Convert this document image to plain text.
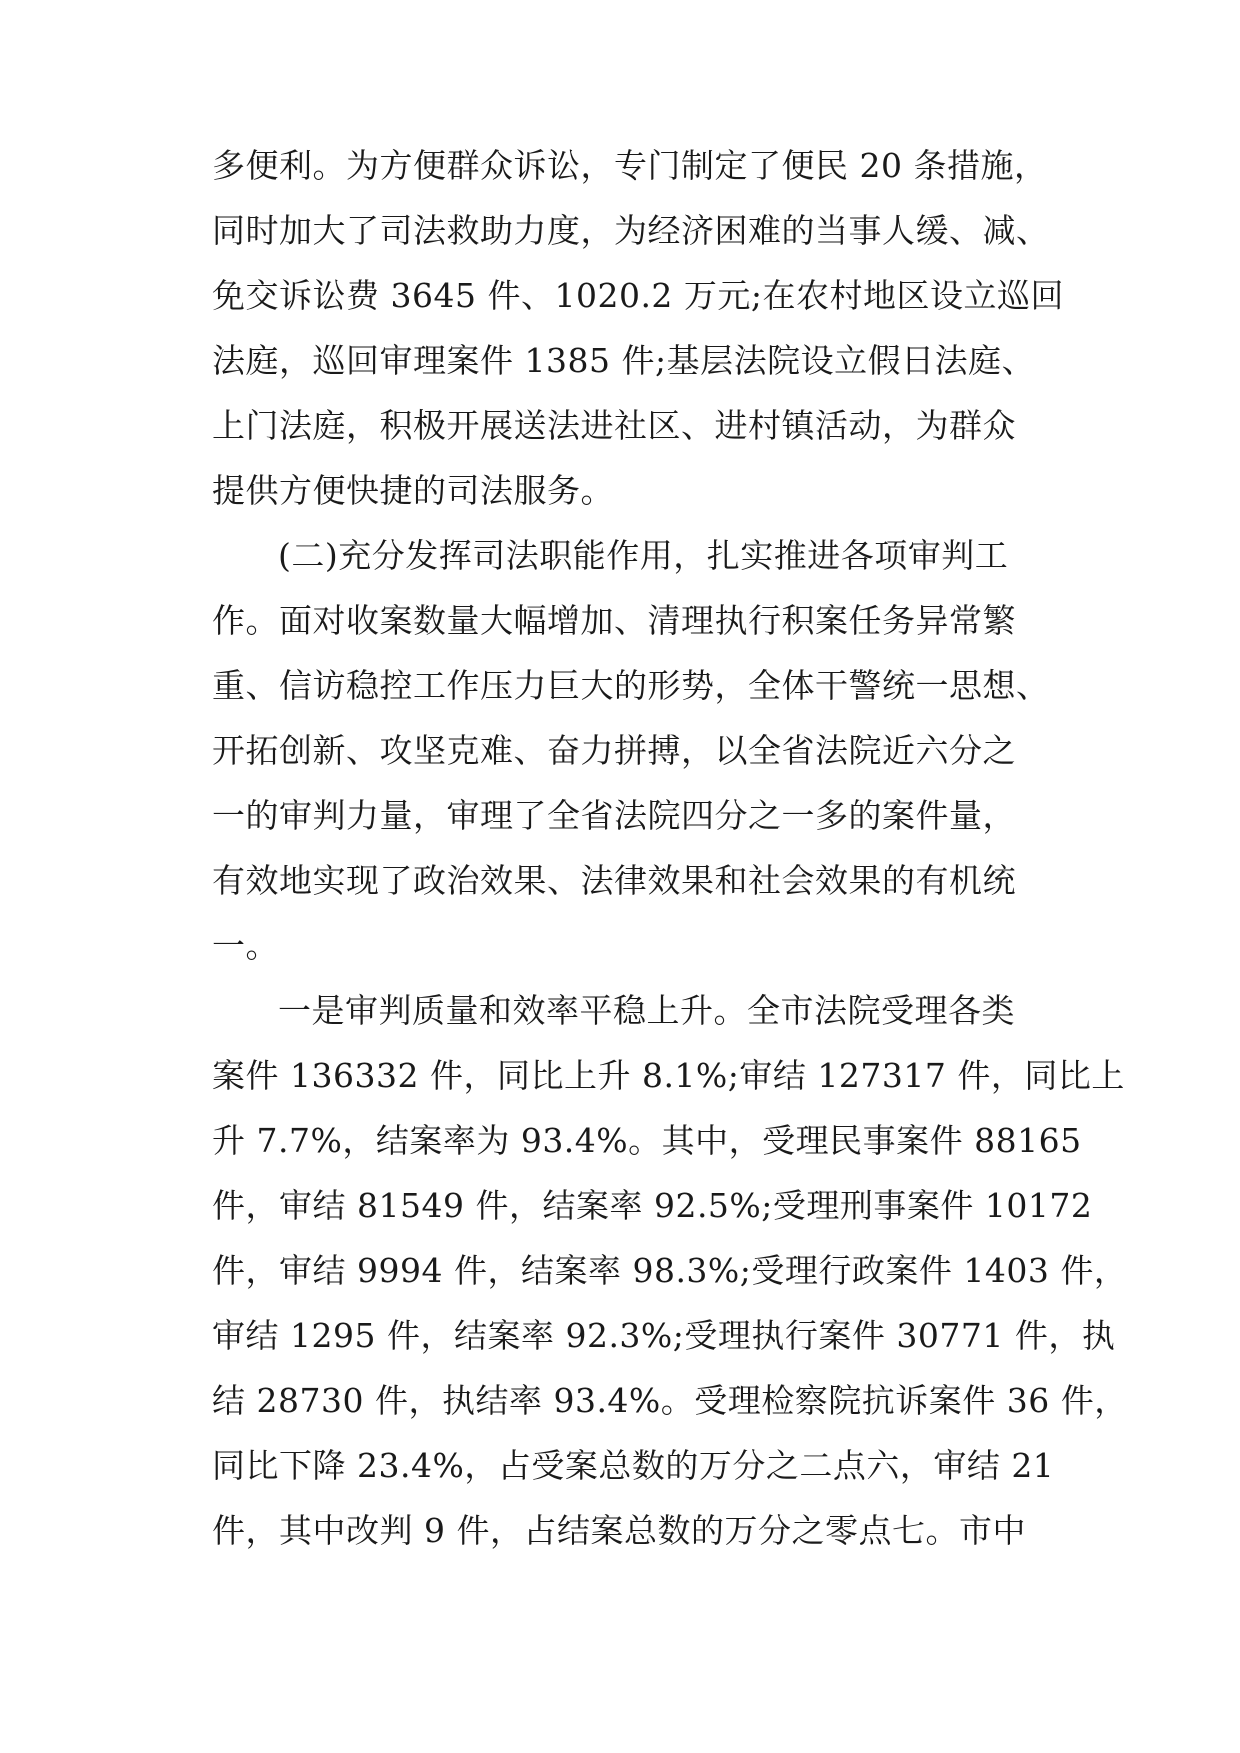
多便利。为方便群众诉讼，专门制定了便民 20 条措施，

同时加大了司法救助力度，为经济困难的当事人缓、减、

免交诉讼费 3645 件、1020.2 万元;在农村地区设立巡回

法庭，巡回审理案件 1385 件;基层法院设立假日法庭、

上门法庭，积极开展送法进社区、进村镇活动，为群众

提供方便快捷的司法服务。

(二)充分发挥司法职能作用，扎实推进各项审判工

作。面对收案数量大幅增加、清理执行积案任务异常繁

重、信访稳控工作压力巨大的形势，全体干警统一思想、

开拓创新、攻坚克难、奋力拼搏，以全省法院近六分之

一的审判力量，审理了全省法院四分之一多的案件量，

有效地实现了政治效果、法律效果和社会效果的有机统

一。

一是审判质量和效率平稳上升。全市法院受理各类

案件 136332 件，同比上升 8.1%;审结 127317 件，同比上

升 7.7%，结案率为 93.4%。其中，受理民事案件 88165

件，审结 81549 件，结案率 92.5%;受理刑事案件 10172

件，审结 9994 件，结案率 98.3%;受理行政案件 1403 件，

审结 1295 件，结案率 92.3%;受理执行案件 30771 件，执

结 28730 件，执结率 93.4%。受理检察院抗诉案件 36 件，

同比下降 23.4%，占受案总数的万分之二点六，审结 21

件，其中改判 9 件，占结案总数的万分之零点七。市中
